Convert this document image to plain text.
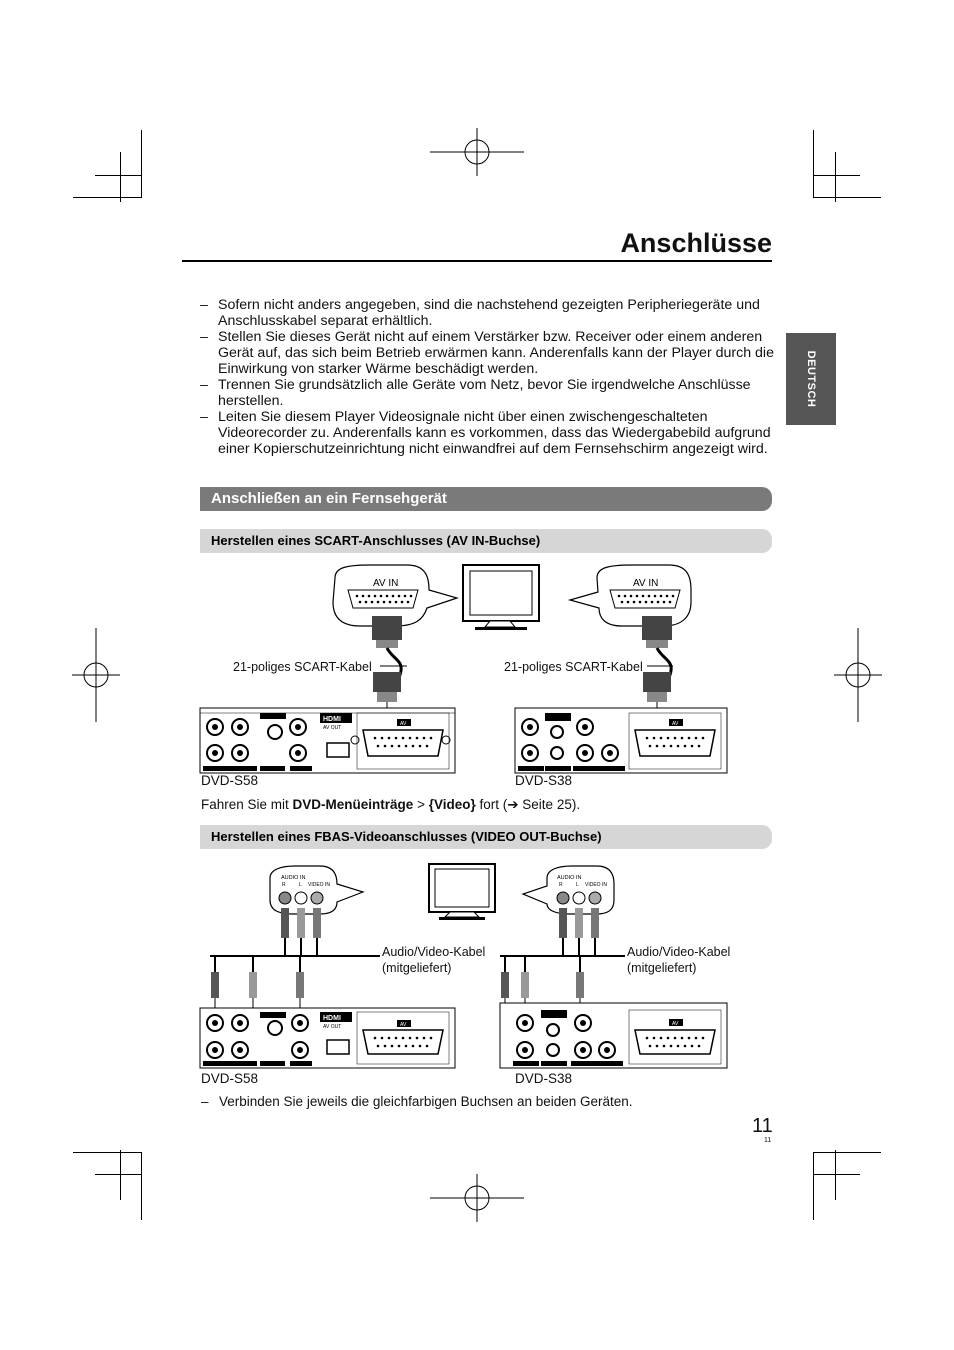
Anschlüsse
DEUTSCH
– Sofern nicht anders angegeben, sind die nachstehend gezeigten Peripheriegeräte und Anschlusskabel separat erhältlich.
– Stellen Sie dieses Gerät nicht auf einem Verstärker bzw. Receiver oder einem anderen Gerät auf, das sich beim Betrieb erwärmen kann. Anderenfalls kann der Player durch die Einwirkung von starker Wärme beschädigt werden.
– Trennen Sie grundsätzlich alle Geräte vom Netz, bevor Sie irgendwelche Anschlüsse herstellen.
– Leiten Sie diesem Player Videosignale nicht über einen zwischengeschalteten Videorecorder zu. Anderenfalls kann es vorkommen, dass das Wiedergabebild aufgrund einer Kopierschutzeinrichtung nicht einwandfrei auf dem Fernsehschirm angezeigt wird.
Anschließen an ein Fernsehgerät
Herstellen eines SCART-Anschlusses (AV IN-Buchse)
AV IN	AV IN
HDMI
AV OUT
AV	AV
21-poliges SCART-Kabel	21-poliges SCART-Kabel
DVD-S58	DVD-S38
Fahren Sie mit DVD-Menüeinträge > {Video} fort (➔ Seite 25).
Herstellen eines FBAS-Videoanschlusses (VIDEO OUT-Buchse)
AUDIO IN
R	L VIDEO IN
AUDIO IN
R	L VIDEO IN
HDMI
AV OUT	AV	AV
Audio/Video-Kabel
(mitgeliefert)
Audio/Video-Kabel
(mitgeliefert)
DVD-S58	DVD-S38
– Verbinden Sie jeweils die gleichfarbigen Buchsen an beiden Geräten.
11
11
